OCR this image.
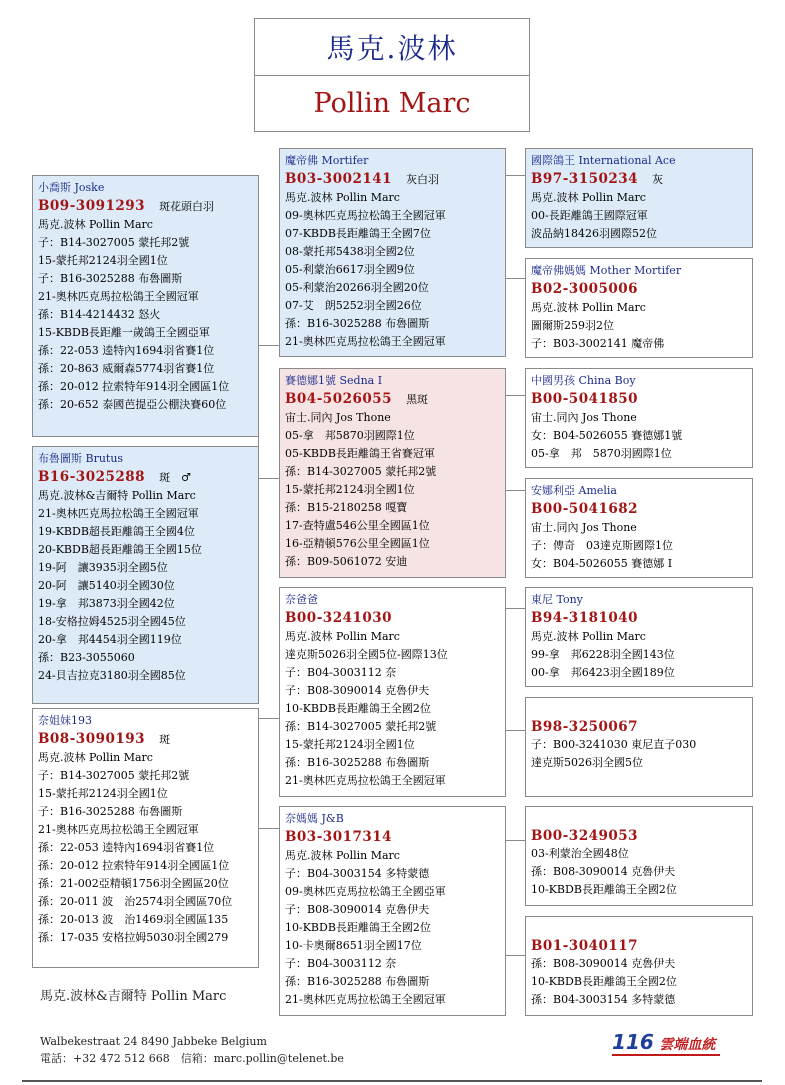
馬克.波林
Pollin Marc
小喬斯 Joske
B09-3091293　 斑花頭白羽
馬克.波林 Pollin Marc
子：B14-3027005 蒙托邦2號
15-蒙托邦2124羽全國1位
子：B16-3025288 布魯圖斯
21-奧林匹克馬拉松鴿王全國冠軍
孫：B14-4214432 怒火
15-KBDB長距離一歲鴿王全國亞軍
孫：22-053 逵特內1694羽省賽1位
孫：20-863 威爾森5774羽省賽1位
孫：20-012 拉索特年914羽全國區1位
孫：20-652 泰國芭提亞公棚決賽60位
布魯圖斯 Brutus
B16-3025288　 斑　♂
馬克.波林&吉爾特 Pollin Marc
21-奧林匹克馬拉松鴿王全國冠軍
19-KBDB超長距離鴿王全國4位
20-KBDB超長距離鴿王全國15位
19-阿　讓3935羽全國5位
20-阿　讓5140羽全國30位
19-拿　邦3873羽全國42位
18-安格拉姆4525羽全國45位
20-拿　邦4454羽全國119位
孫：B23-3055060
24-貝吉拉克3180羽全國85位
奈姐妹193
B08-3090193　 斑
馬克.波林 Pollin Marc
子：B14-3027005 蒙托邦2號
15-蒙托邦2124羽全國1位
子：B16-3025288 布魯圖斯
21-奧林匹克馬拉松鴿王全國冠軍
孫：22-053 逵特內1694羽省賽1位
孫：20-012 拉索特年914羽全國區1位
孫：21-002亞精頓1756羽全國區20位
孫：20-011 波　治2574羽全國區70位
孫：20-013 波　治1469羽全國區135
孫：17-035 安格拉姆5030羽全國279
魔帝佛 Mortifer
B03-3002141　 灰白羽
馬克.波林 Pollin Marc
09-奧林匹克馬拉松鴿王全國冠軍
07-KBDB長距離鴿王全國7位
08-蒙托邦5438羽全國2位
05-利蒙治6617羽全國9位
05-利蒙治20266羽全國20位
07-艾　朗5252羽全國26位
孫：B16-3025288 布魯圖斯
21-奧林匹克馬拉松鴿王全國冠軍
賽德娜1號 Sedna I
B04-5026055　 黑斑
宙士.同內 Jos Thone
05-拿　邦5870羽國際1位
05-KBDB長距離鴿王省賽冠軍
孫：B14-3027005 蒙托邦2號
15-蒙托邦2124羽全國1位
孫：B15-2180258 嘎寶
17-查特盧546公里全國區1位
16-亞精頓576公里全國區1位
孫：B09-5061072 安迪
奈爸爸
B00-3241030
馬克.波林 Pollin Marc
達克斯5026羽全國5位-國際13位
子：B04-3003112 奈
子：B08-3090014 克魯伊夫
10-KBDB長距離鴿王全國2位
孫：B14-3027005 蒙托邦2號
15-蒙托邦2124羽全國1位
孫：B16-3025288 布魯圖斯
21-奧林匹克馬拉松鴿王全國冠軍
奈媽媽 J&B
B03-3017314
馬克.波林 Pollin Marc
子：B04-3003154 多特蒙德
09-奧林匹克馬拉松鴿王全國亞軍
子：B08-3090014 克魯伊夫
10-KBDB長距離鴿王全國2位
10-卡奧爾8651羽全國17位
子：B04-3003112 奈
孫：B16-3025288 布魯圖斯
21-奧林匹克馬拉松鴿王全國冠軍
國際鴿王 International Ace
B97-3150234　 灰
馬克.波林 Pollin Marc
00-長距離鴿王國際冠軍
波品納18426羽國際52位
魔帝佛媽媽 Mother Mortifer
B02-3005006
馬克.波林 Pollin Marc
圖爾斯259羽2位
子：B03-3002141 魔帝佛
中國男孩 China Boy
B00-5041850
宙士.同內 Jos Thone
女：B04-5026055 賽德娜1號
05-拿　邦　5870羽國際1位
安娜利亞 Amelia
B00-5041682
宙士.同內 Jos Thone
子：傳奇　03達克斯國際1位
女：B04-5026055 賽德娜 I
東尼 Tony
B94-3181040
馬克.波林 Pollin Marc
99-拿　邦6228羽全國143位
00-拿　邦6423羽全國189位
B98-3250067
子：B00-3241030 東尼直子030
達克斯5026羽全國5位
B00-3249053
03-利蒙治全國48位
孫：B08-3090014 克魯伊夫
10-KBDB長距離鴿王全國2位
B01-3040117
孫：B08-3090014 克魯伊夫
10-KBDB長距離鴿王全國2位
孫：B04-3003154 多特蒙德
馬克.波林&吉爾特 Pollin Marc
Walbekestraat 24 8490 Jabbeke Belgium
電話：+32 472 512 668　信箱：marc.pollin@telenet.be
116 雲端血統
